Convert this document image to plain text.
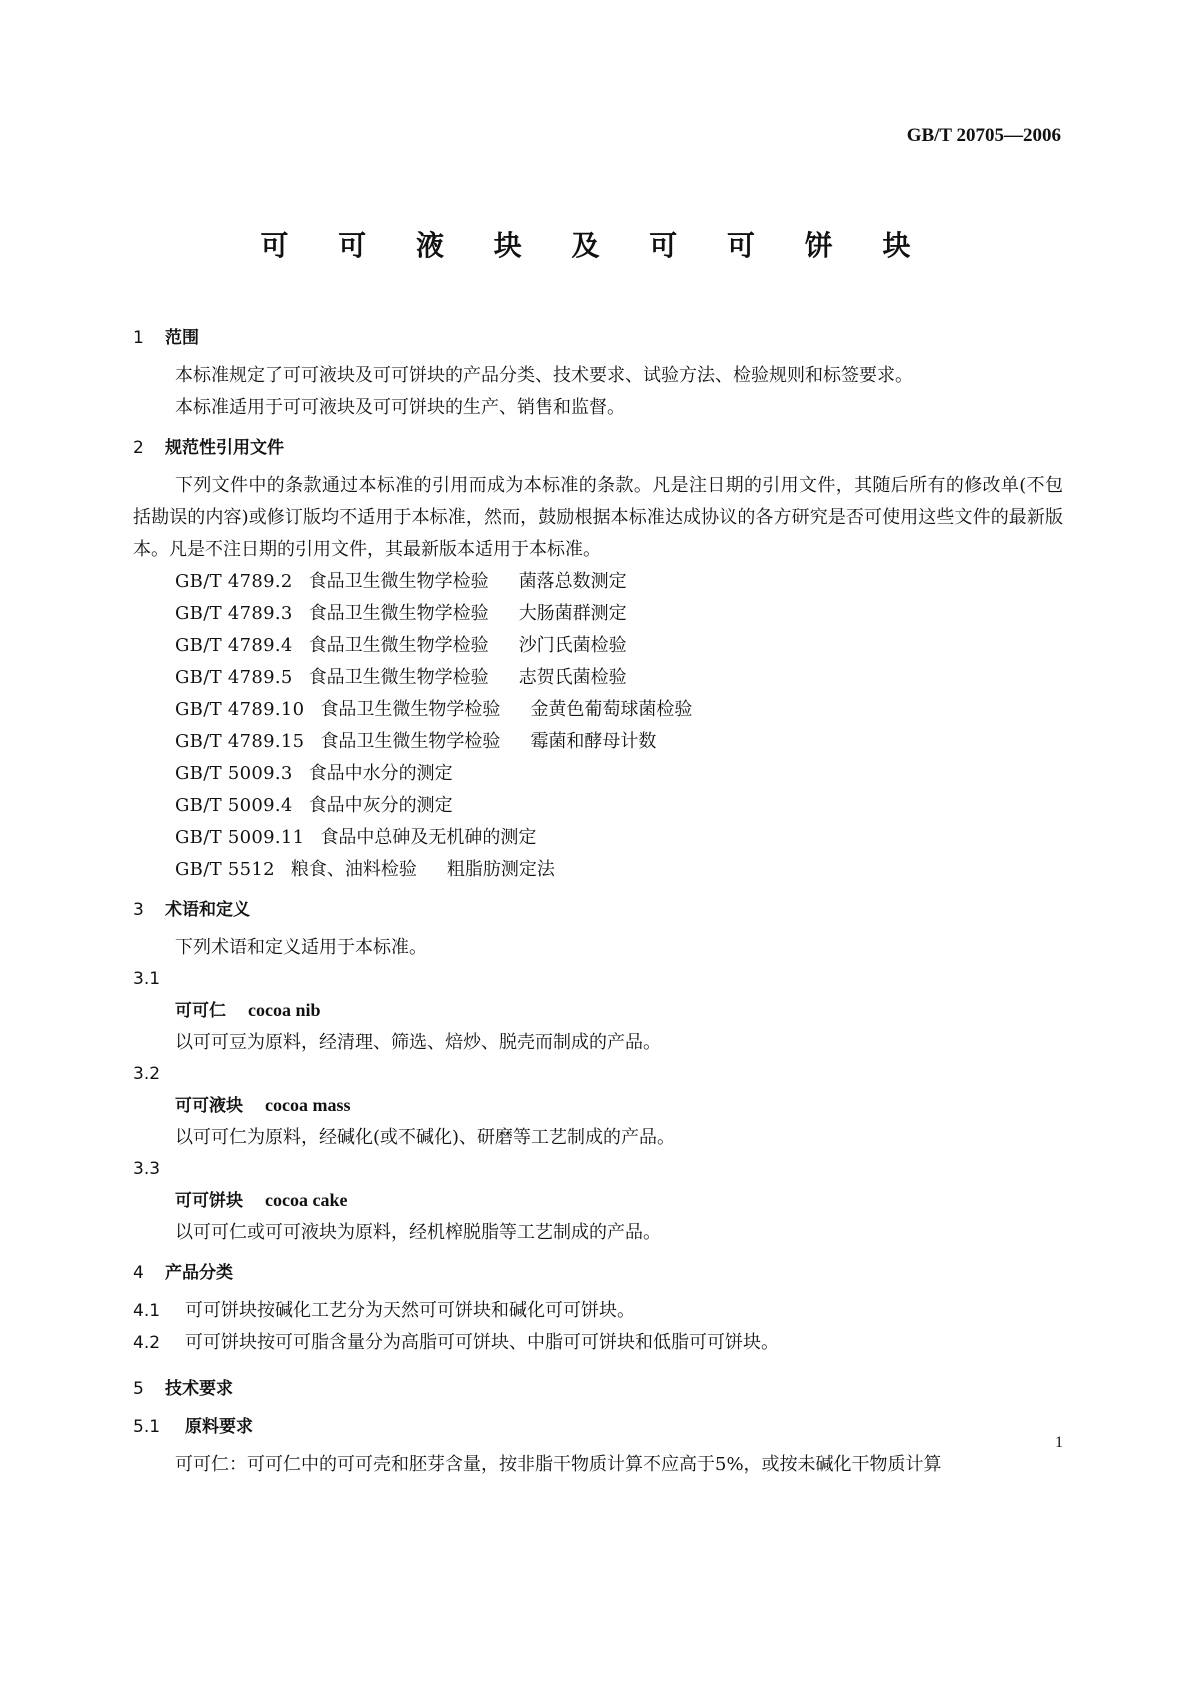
GB/T 20705—2006
可 可 液 块 及 可 可 饼 块
1 范围

本标准规定了可可液块及可可饼块的产品分类、技术要求、试验方法、检验规则和标签要求。

本标准适用于可可液块及可可饼块的生产、销售和监督。

2 规范性引用文件

下列文件中的条款通过本标准的引用而成为本标准的条款。凡是注日期的引用文件，其随后所有的修改单(不包括勘误的内容)或修订版均不适用于本标准，然而，鼓励根据本标准达成协议的各方研究是否可使用这些文件的最新版本。凡是不注日期的引用文件，其最新版本适用于本标准。

GB/T 4789.2 食品卫生微生物学检验 菌落总数测定
GB/T 4789.3 食品卫生微生物学检验 大肠菌群测定
GB/T 4789.4 食品卫生微生物学检验 沙门氏菌检验
GB/T 4789.5 食品卫生微生物学检验 志贺氏菌检验
GB/T 4789.10 食品卫生微生物学检验 金黄色葡萄球菌检验
GB/T 4789.15 食品卫生微生物学检验 霉菌和酵母计数
GB/T 5009.3 食品中水分的测定
GB/T 5009.4 食品中灰分的测定
GB/T 5009.11 食品中总砷及无机砷的测定
GB/T 5512 粮食、油料检验 粗脂肪测定法
3 术语和定义

下列术语和定义适用于本标准。

3.1
可可仁 cocoa nib
以可可豆为原料，经清理、筛选、焙炒、脱壳而制成的产品。
3.2
可可液块 cocoa mass
以可可仁为原料，经碱化(或不碱化)、研磨等工艺制成的产品。
3.3
可可饼块 cocoa cake
以可可仁或可可液块为原料，经机榨脱脂等工艺制成的产品。
4 产品分类
4.1 可可饼块按碱化工艺分为天然可可饼块和碱化可可饼块。
4.2 可可饼块按可可脂含量分为高脂可可饼块、中脂可可饼块和低脂可可饼块。
5 技术要求
5.1 原料要求

可可仁：可可仁中的可可壳和胚芽含量，按非脂干物质计算不应高于5%，或按未碱化干物质计算

1
